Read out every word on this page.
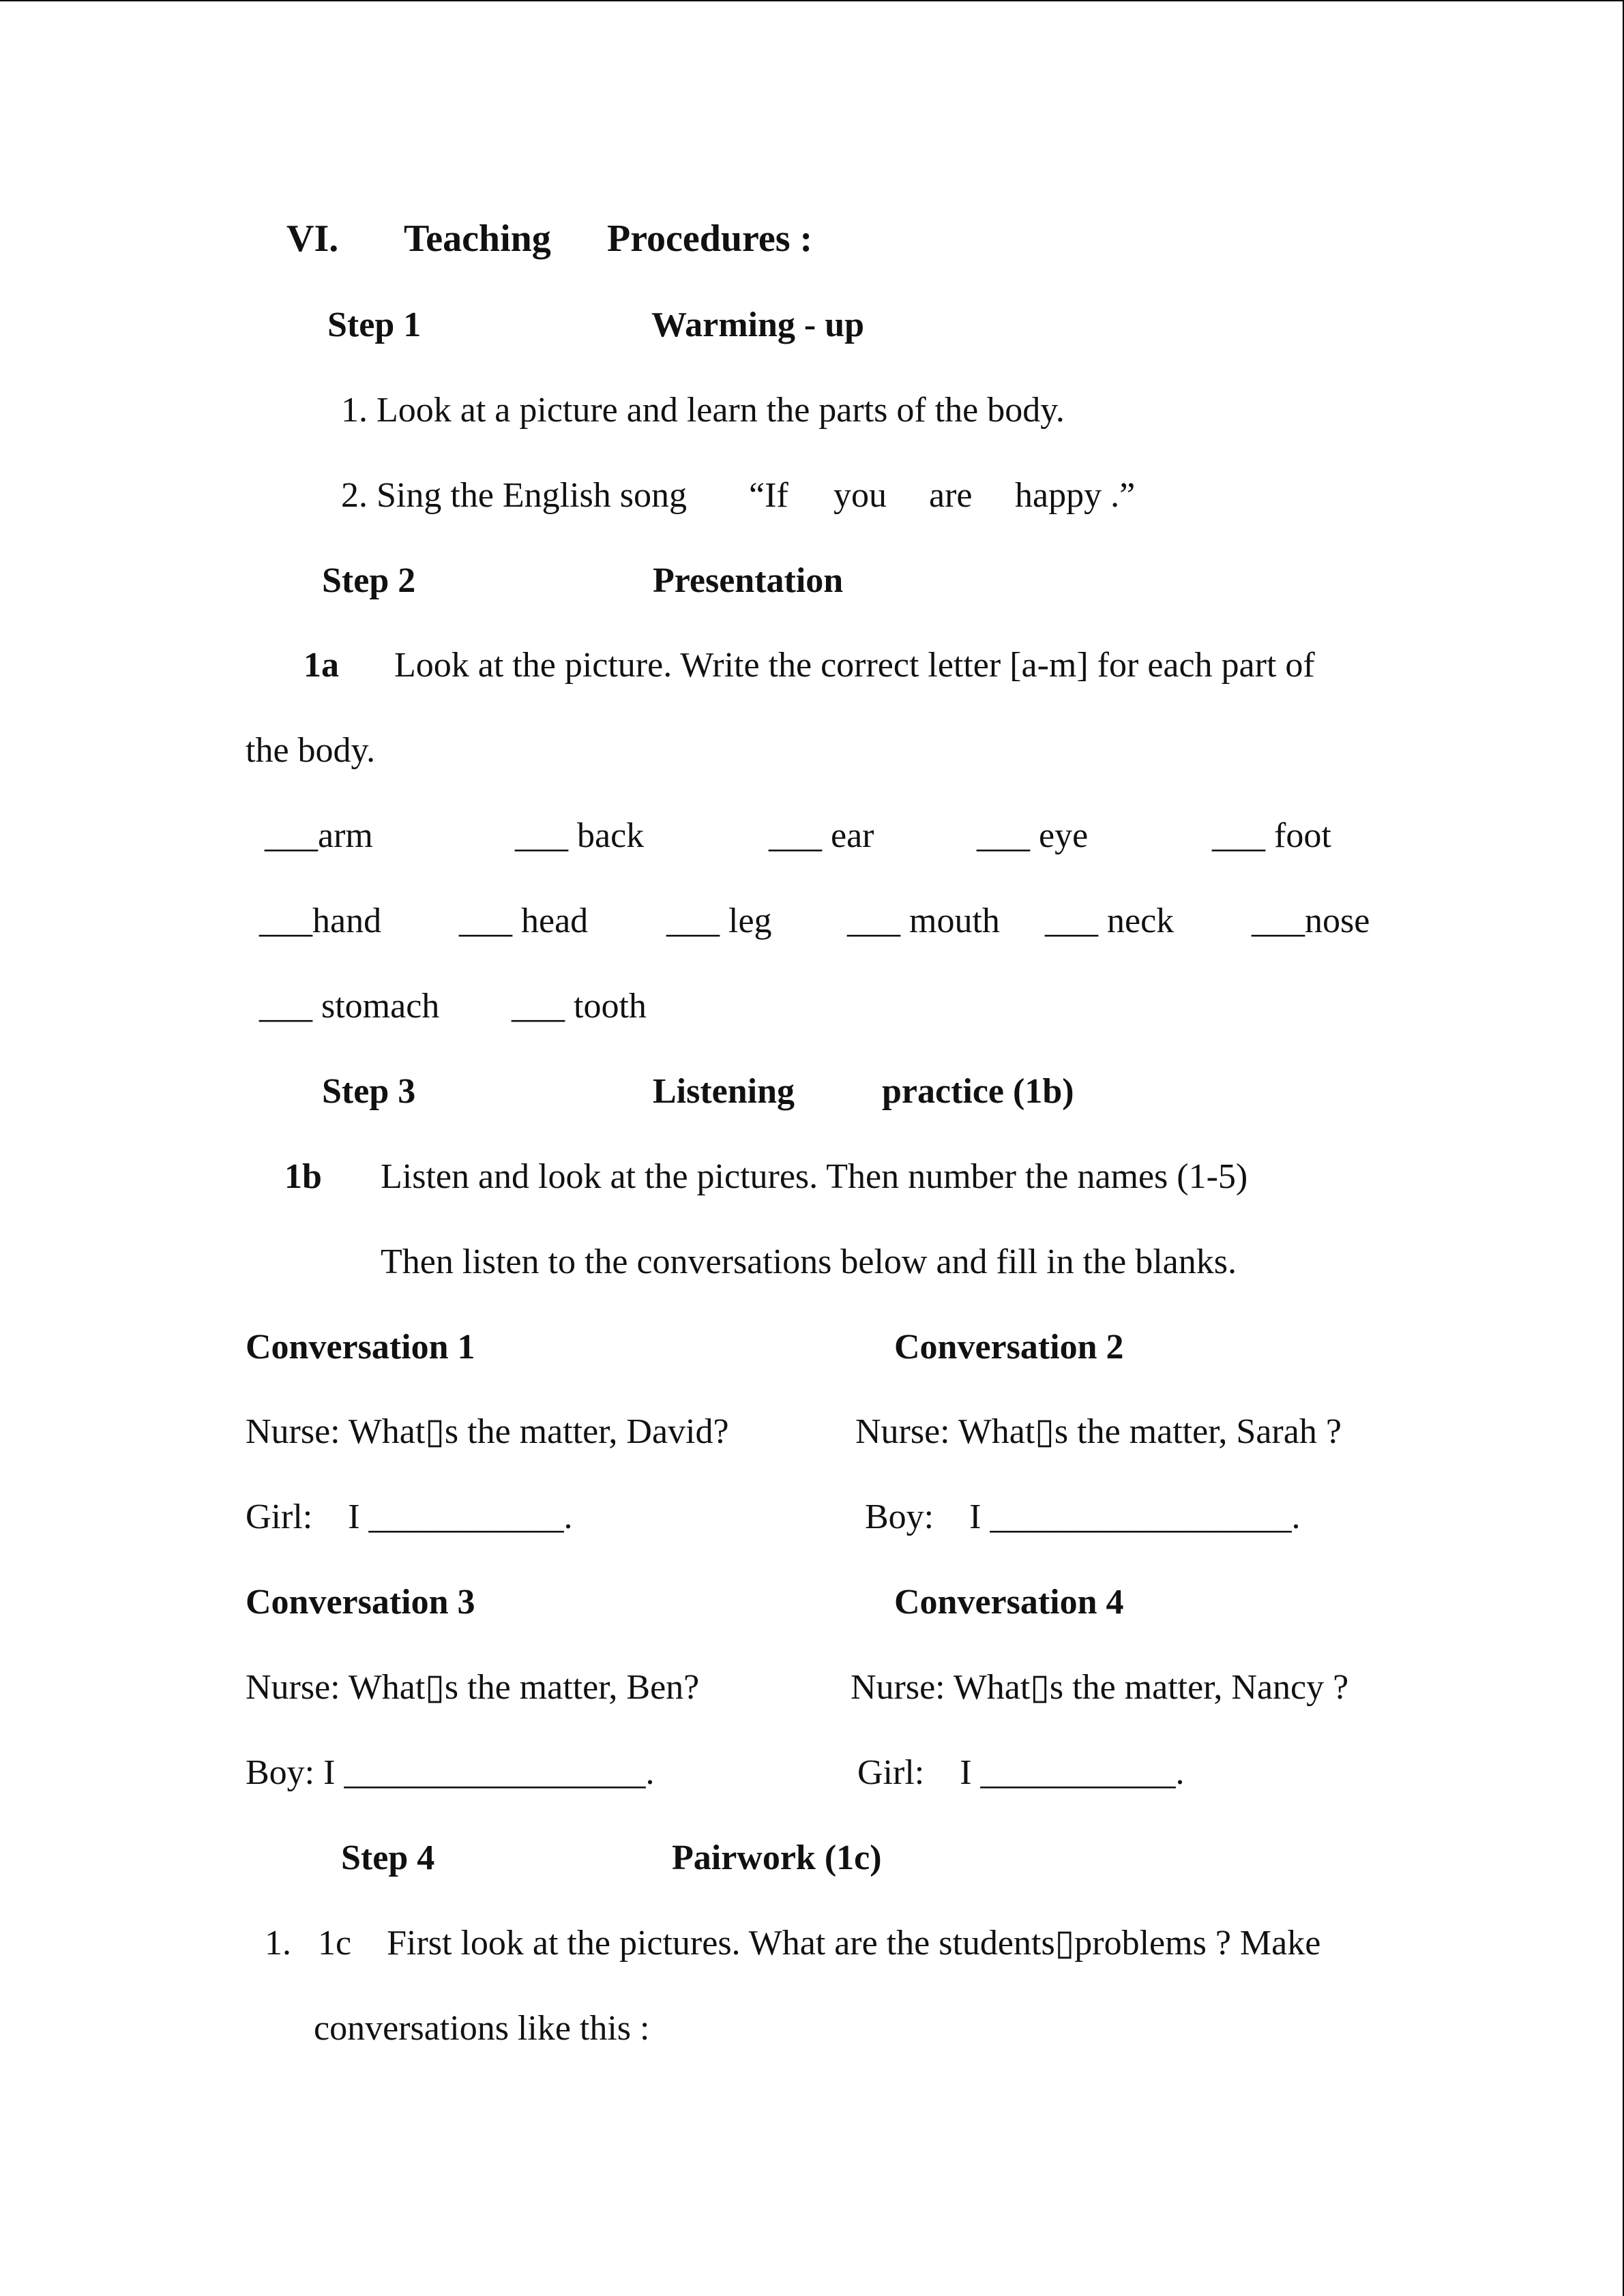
VI. Teaching Procedures :
Step 1	Warming - up
1. Look at a picture and learn the parts of the body.
2. Sing the English song “If you are happy .”
Step 2	Presentation
1a Look at the picture. Write the correct letter [a-m] for each part of
the body.
___arm	___ back	___ ear	___ eye	___ foot
___hand ___ head ___ leg ___ mouth ___ neck ___nose
___ stomach ___ tooth
Step 3	Listening practice (1b)
1b Listen and look at the pictures. Then number the names (1-5)
Then listen to the conversations below and fill in the blanks.
Conversation 1	Conversation 2
Nurse: What▯s the matter, David?	Nurse: What▯s the matter, Sarah ?
Girl:    I ___________.	Boy:    I _________________.
Conversation 3	Conversation 4
Nurse: What▯s the matter, Ben?	Nurse: What▯s the matter, Nancy ?
Boy: I _________________.	Girl:    I ___________.
Step 4	Pairwork (1c)
1.   1c    First look at the pictures. What are the students▯problems ? Make
conversations like this :
